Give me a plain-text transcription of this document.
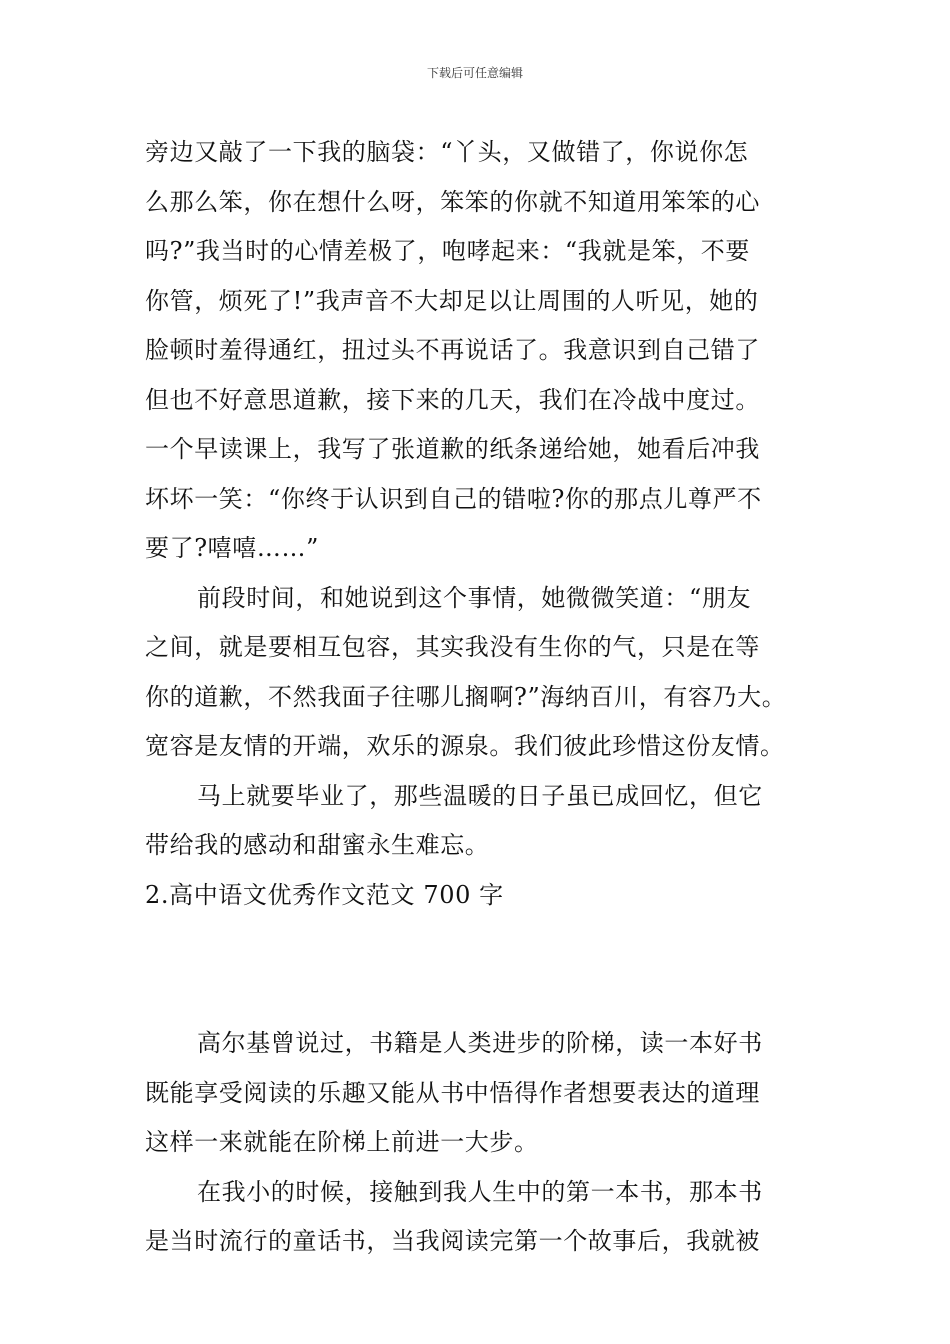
下载后可任意编辑
旁边又敲了一下我的脑袋：“丫头，又做错了，你说你怎
么那么笨，你在想什么呀，笨笨的你就不知道用笨笨的心
吗?”我当时的心情差极了，咆哮起来：“我就是笨，不要
你管，烦死了!”我声音不大却足以让周围的人听见，她的
脸顿时羞得通红，扭过头不再说话了。我意识到自己错了
但也不好意思道歉，接下来的几天，我们在冷战中度过。
一个早读课上，我写了张道歉的纸条递给她，她看后冲我
坏坏一笑：“你终于认识到自己的错啦?你的那点儿尊严不
要了?嘻嘻……”
前段时间，和她说到这个事情，她微微笑道：“朋友
之间，就是要相互包容，其实我没有生你的气，只是在等
你的道歉，不然我面子往哪儿搁啊?”海纳百川，有容乃大。
宽容是友情的开端，欢乐的源泉。我们彼此珍惜这份友情。
马上就要毕业了，那些温暖的日子虽已成回忆，但它
带给我的感动和甜蜜永生难忘。
2.高中语文优秀作文范文 700 字
高尔基曾说过，书籍是人类进步的阶梯，读一本好书
既能享受阅读的乐趣又能从书中悟得作者想要表达的道理
这样一来就能在阶梯上前进一大步。
在我小的时候，接触到我人生中的第一本书，那本书
是当时流行的童话书，当我阅读完第一个故事后，我就被
